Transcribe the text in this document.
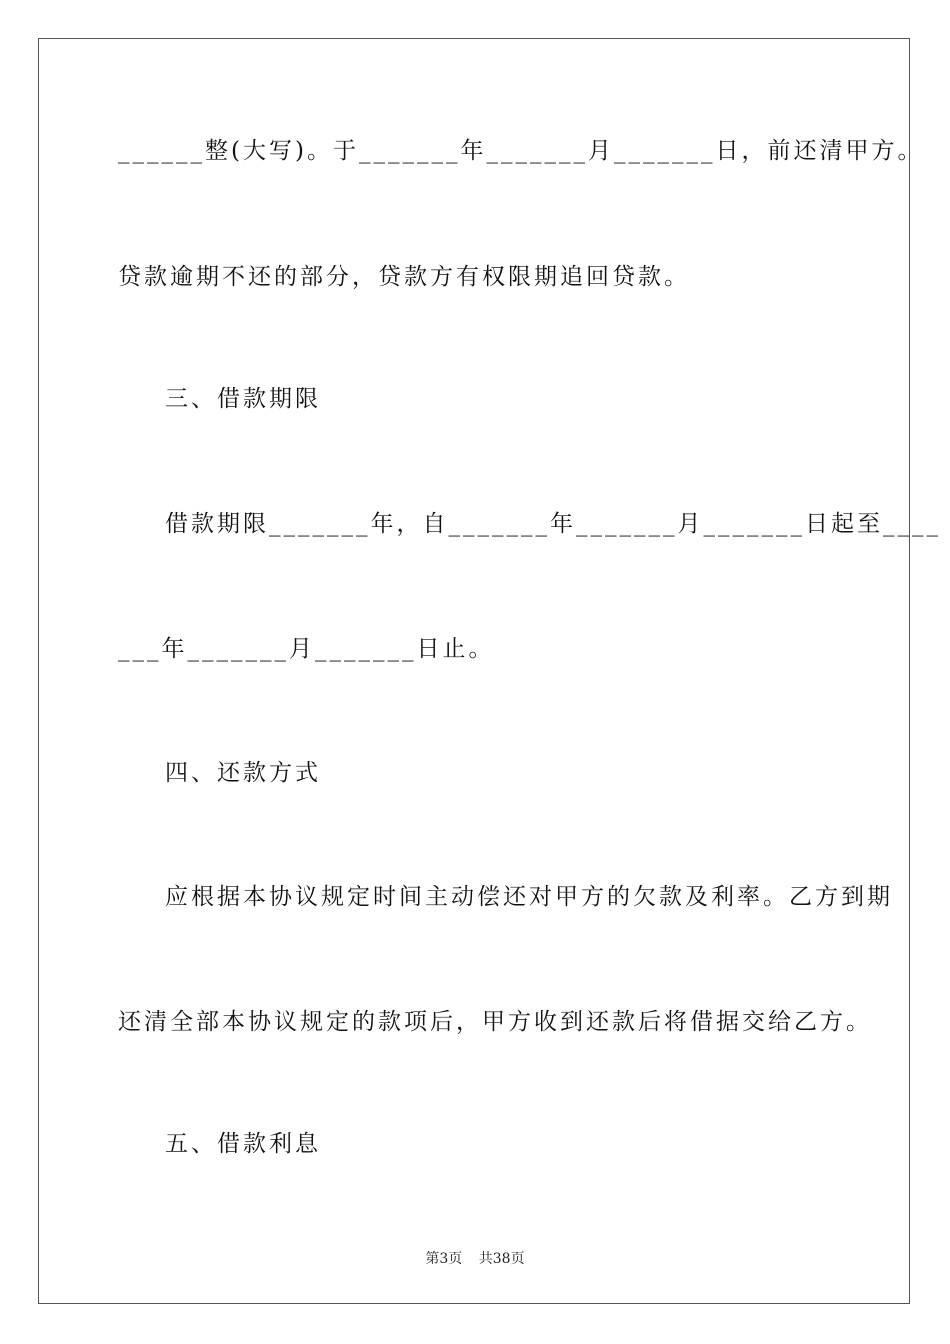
______整(大写)。于_______年_______月_______日，前还清甲方。
贷款逾期不还的部分，贷款方有权限期追回贷款。
三、借款期限
借款期限_______年，自_______年_______月_______日起至____
___年_______月_______日止。
四、还款方式
应根据本协议规定时间主动偿还对甲方的欠款及利率。乙方到期
还清全部本协议规定的款项后，甲方收到还款后将借据交给乙方。
五、借款利息
第3页 共38页
